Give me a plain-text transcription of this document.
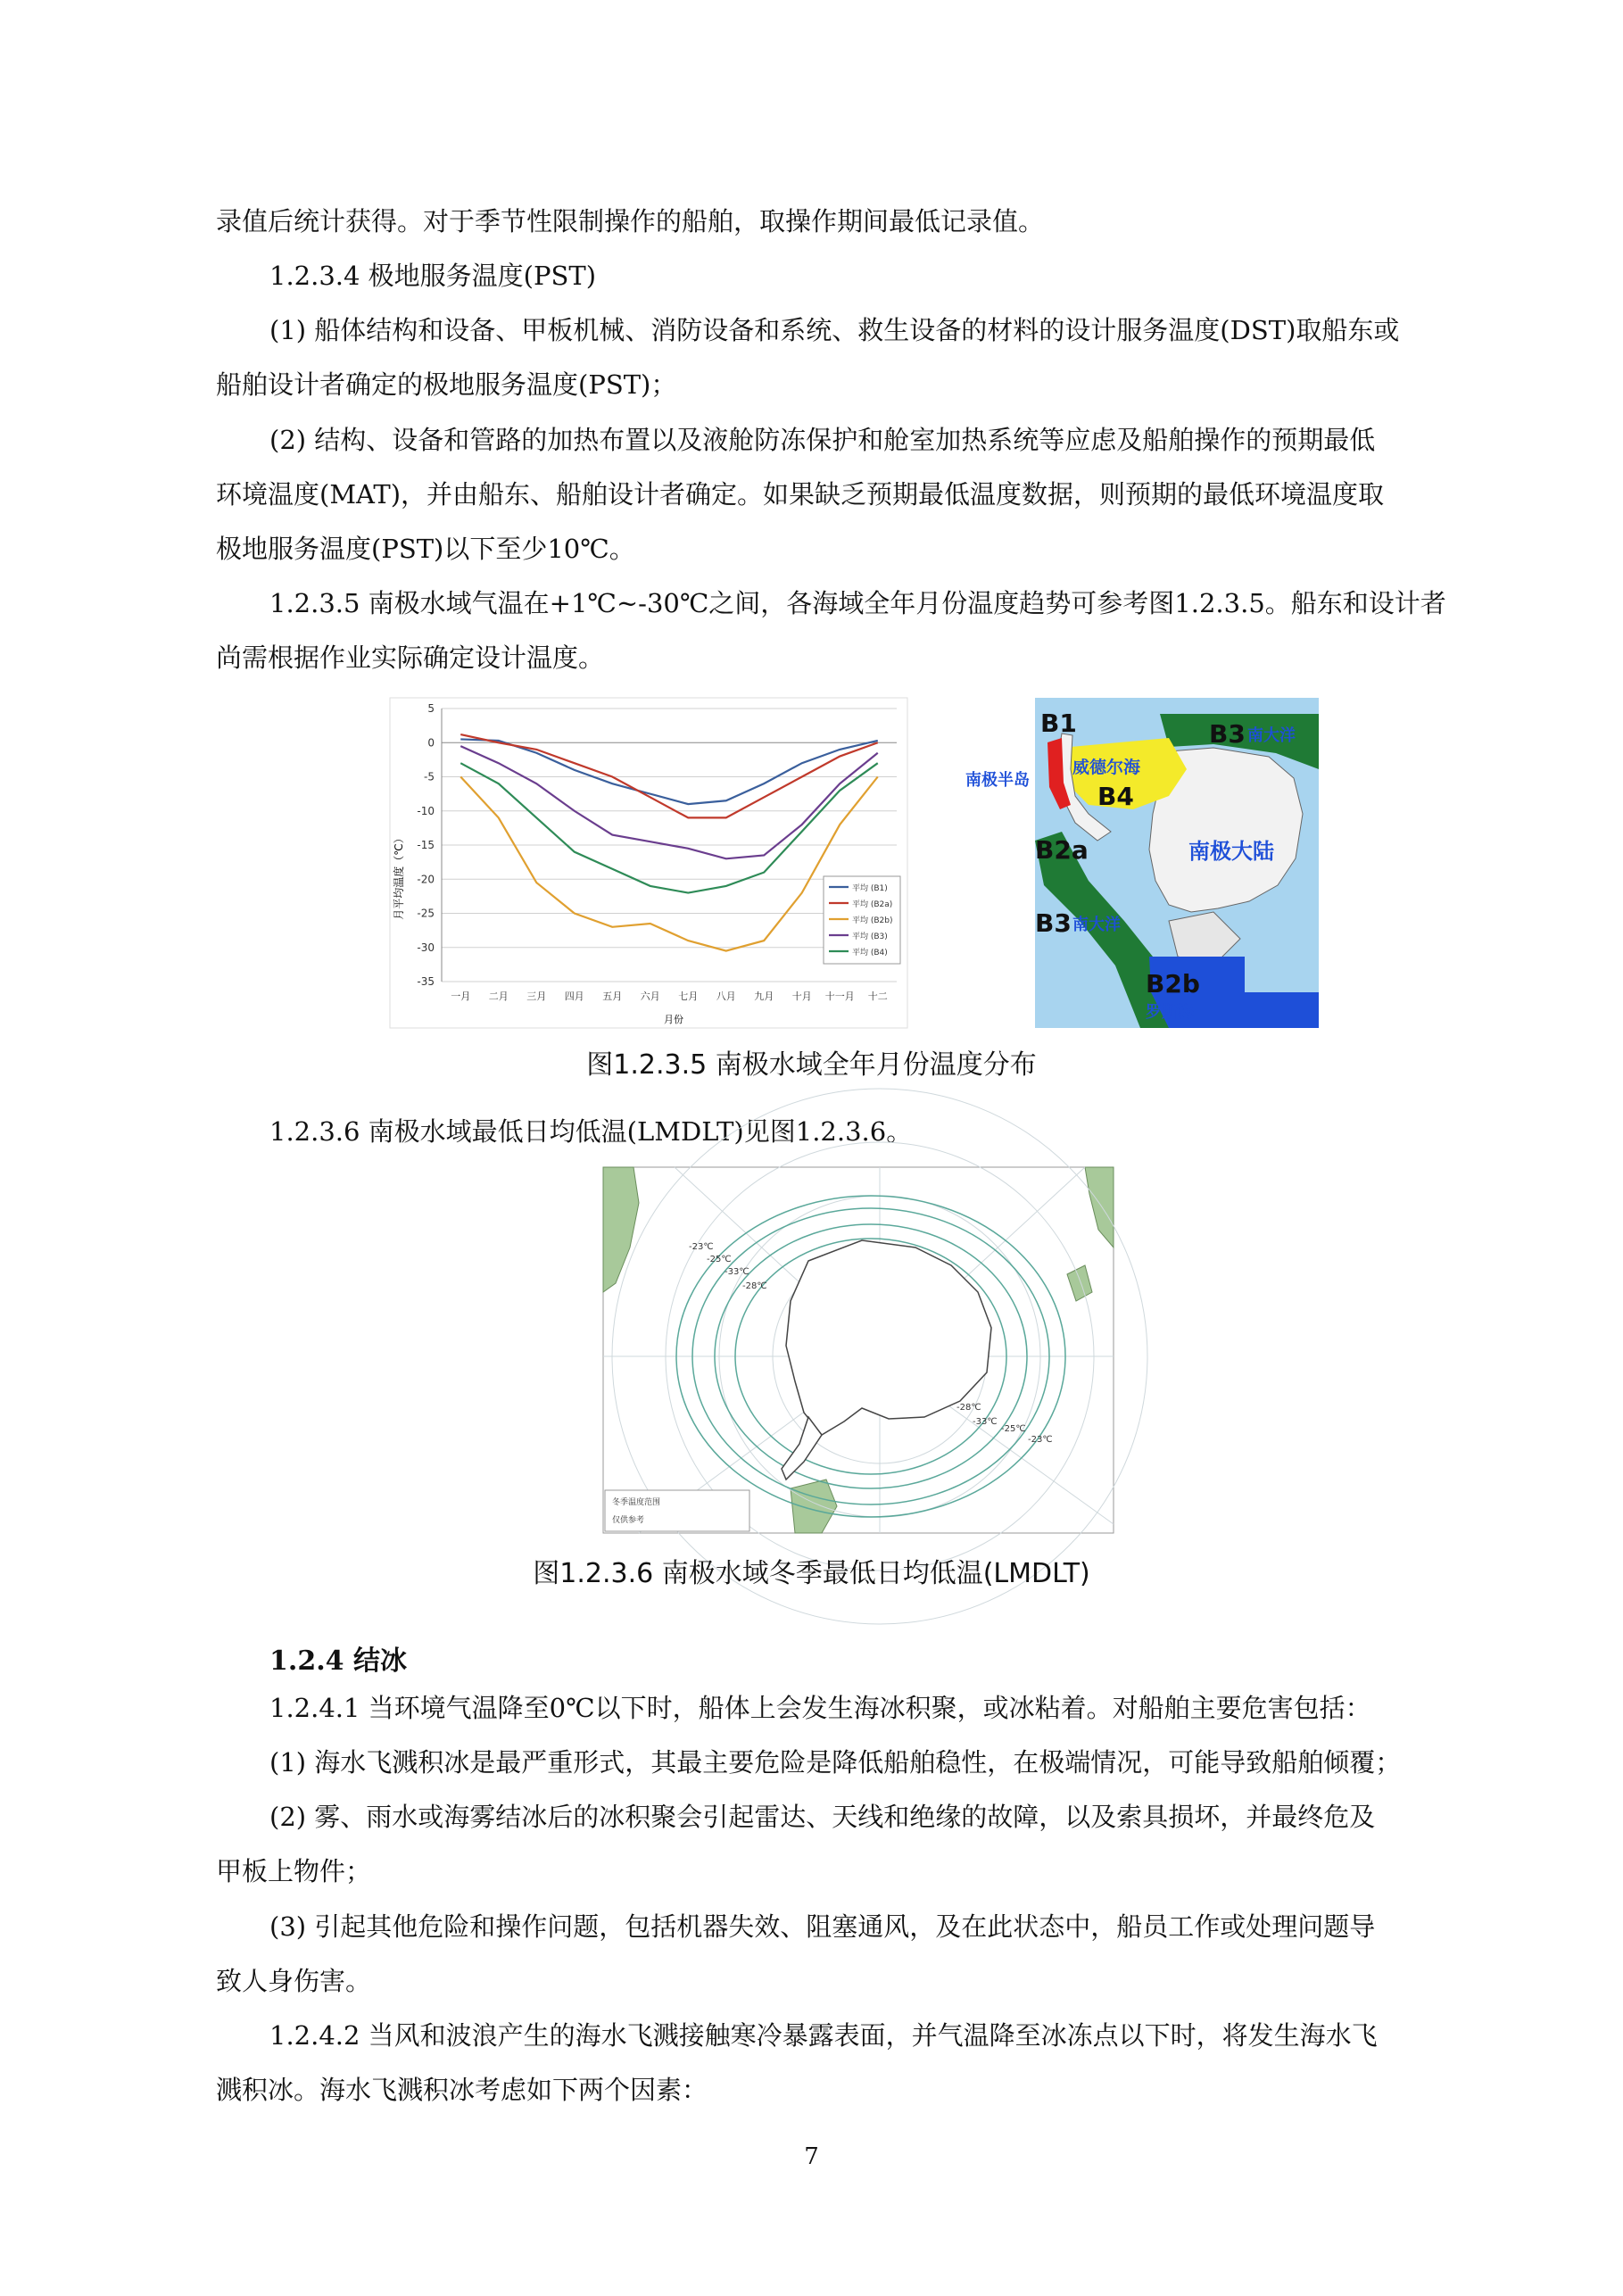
录值后统计获得。对于季节性限制操作的船舶，取操作期间最低记录值。
1.2.3.4 极地服务温度(PST)
(1) 船体结构和设备、甲板机械、消防设备和系统、救生设备的材料的设计服务温度(DST)取船东或
船舶设计者确定的极地服务温度(PST)；
(2) 结构、设备和管路的加热布置以及液舱防冻保护和舱室加热系统等应虑及船舶操作的预期最低
环境温度(MAT)，并由船东、船舶设计者确定。如果缺乏预期最低温度数据，则预期的最低环境温度取
极地服务温度(PST)以下至少10℃。
1.2.3.5 南极水域气温在+1℃~-30℃之间，各海域全年月份温度趋势可参考图1.2.3.5。船东和设计者
尚需根据作业实际确定设计温度。
5
0
-5
-10
-15
-20
-25
-30
-35
一月 二月 三月 四月 五月 六月 七月 八月 九月 十月 十一月 十二
平均 (B1)
平均 (B2a)
平均 (B2b)
平均 (B3)
平均 (B4)
月平均温度（℃）
月份
B1	B3 南大洋
威德尔海
B4
南极半岛
B2a	南极大陆
B3 南大洋
B2b
罗斯海
图1.2.3.5 南极水域全年月份温度分布
1.2.3.6 南极水域最低日均低温(LMDLT)见图1.2.3.6。
-23℃
-25℃
-33℃
-28℃
-28℃
-33℃
-25℃
-23℃
冬季温度范围
仅供参考
图1.2.3.6 南极水域冬季最低日均低温(LMDLT)
1.2.4 结冰
1.2.4.1 当环境气温降至0℃以下时，船体上会发生海冰积聚，或冰粘着。对船舶主要危害包括：
(1) 海水飞溅积冰是最严重形式，其最主要危险是降低船舶稳性，在极端情况，可能导致船舶倾覆；
(2) 雾、雨水或海雾结冰后的冰积聚会引起雷达、天线和绝缘的故障，以及索具损坏，并最终危及
甲板上物件；
(3) 引起其他危险和操作问题，包括机器失效、阻塞通风，及在此状态中，船员工作或处理问题导
致人身伤害。
1.2.4.2 当风和波浪产生的海水飞溅接触寒冷暴露表面，并气温降至冰冻点以下时，将发生海水飞
溅积冰。海水飞溅积冰考虑如下两个因素：
7
